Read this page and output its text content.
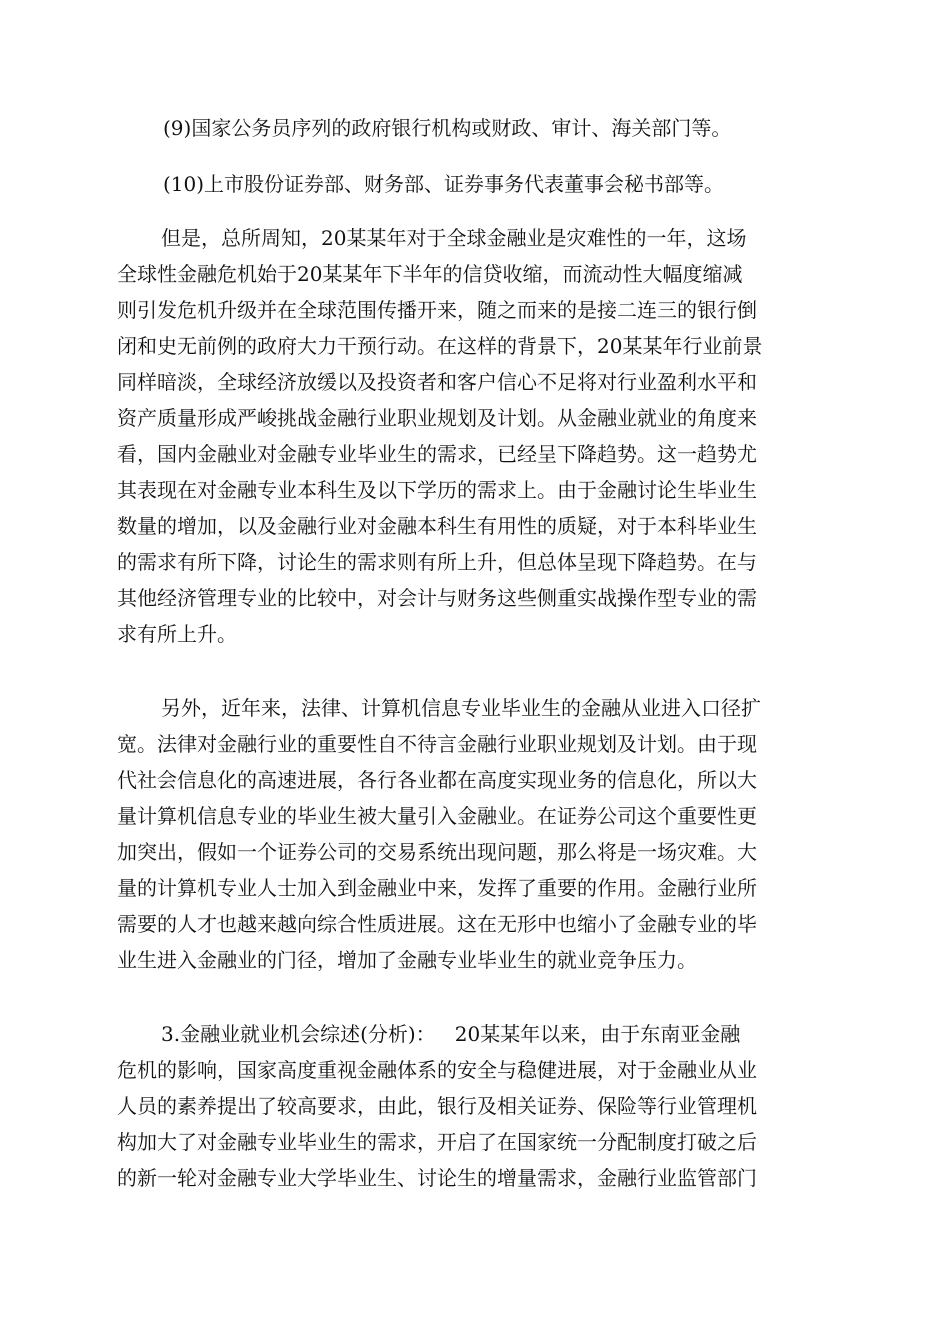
(9)国家公务员序列的政府银行机构或财政、审计、海关部门等。
(10)上市股份证券部、财务部、证券事务代表董事会秘书部等。

但是，总所周知，20某某年对于全球金融业是灾难性的一年，这场
全球性金融危机始于20某某年下半年的信贷收缩，而流动性大幅度缩减
则引发危机升级并在全球范围传播开来，随之而来的是接二连三的银行倒
闭和史无前例的政府大力干预行动。在这样的背景下，20某某年行业前景
同样暗淡，全球经济放缓以及投资者和客户信心不足将对行业盈利水平和
资产质量形成严峻挑战金融行业职业规划及计划。从金融业就业的角度来
看，国内金融业对金融专业毕业生的需求，已经呈下降趋势。这一趋势尤
其表现在对金融专业本科生及以下学历的需求上。由于金融讨论生毕业生
数量的增加，以及金融行业对金融本科生有用性的质疑，对于本科毕业生
的需求有所下降，讨论生的需求则有所上升，但总体呈现下降趋势。在与
其他经济管理专业的比较中，对会计与财务这些侧重实战操作型专业的需
求有所上升。

另外，近年来，法律、计算机信息专业毕业生的金融从业进入口径扩
宽。法律对金融行业的重要性自不待言金融行业职业规划及计划。由于现
代社会信息化的高速进展，各行各业都在高度实现业务的信息化，所以大
量计算机信息专业的毕业生被大量引入金融业。在证券公司这个重要性更
加突出，假如一个证券公司的交易系统出现问题，那么将是一场灾难。大
量的计算机专业人士加入到金融业中来，发挥了重要的作用。金融行业所
需要的人才也越来越向综合性质进展。这在无形中也缩小了金融专业的毕
业生进入金融业的门径，增加了金融专业毕业生的就业竞争压力。

3.金融业就业机会综述(分析)：   20某某年以来，由于东南亚金融
危机的影响，国家高度重视金融体系的安全与稳健进展，对于金融业从业
人员的素养提出了较高要求，由此，银行及相关证券、保险等行业管理机
构加大了对金融专业毕业生的需求，开启了在国家统一分配制度打破之后
的新一轮对金融专业大学毕业生、讨论生的增量需求，金融行业监管部门
